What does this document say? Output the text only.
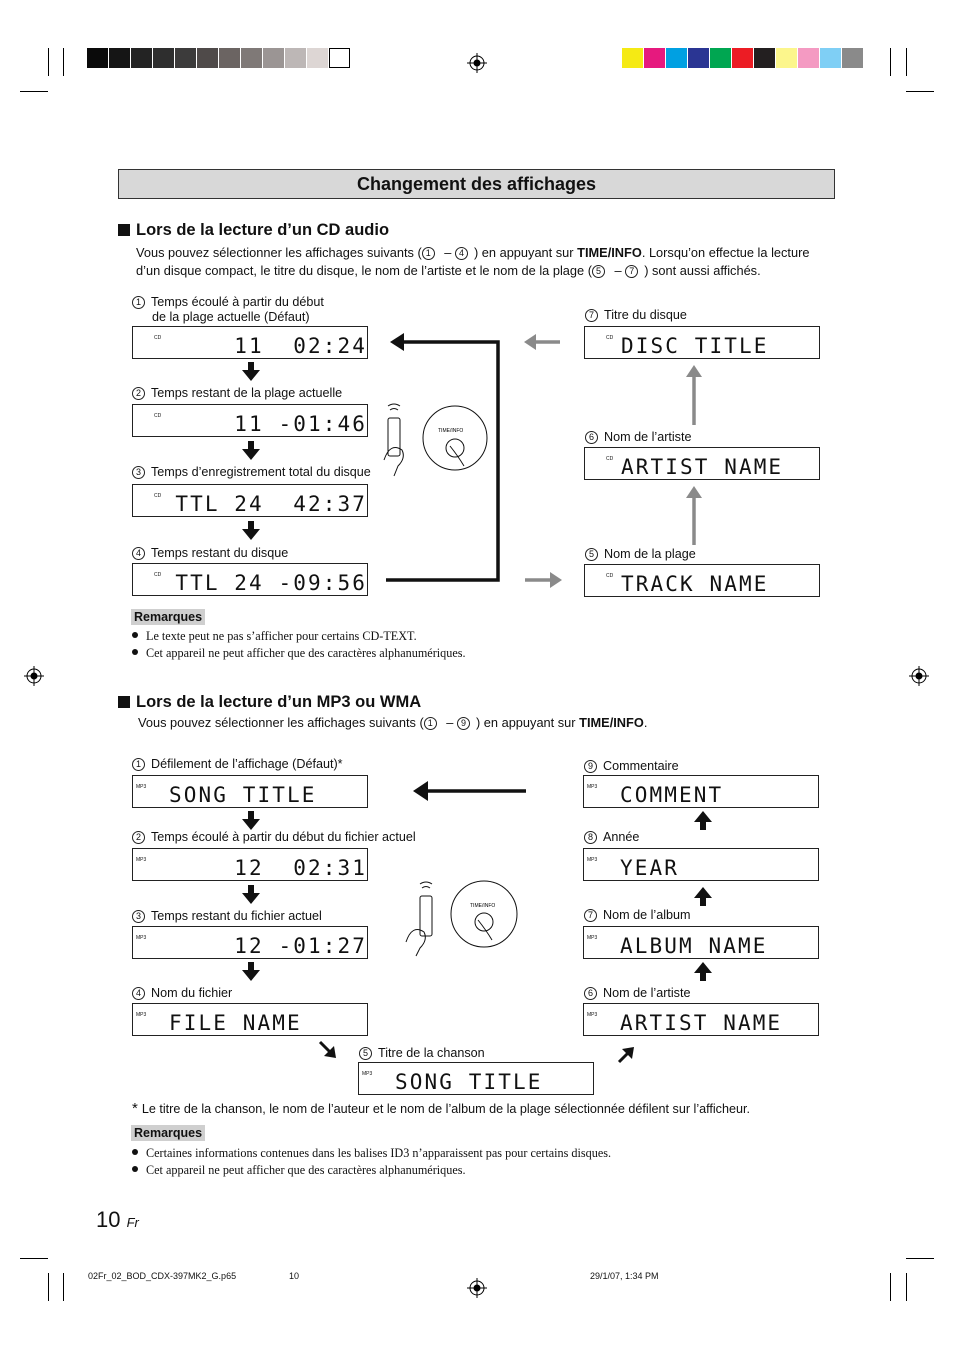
Changement des affichages
Lors de la lecture d’un CD audio
Vous pouvez sélectionner les affichages suivants ( 1 – 4 ) en appuyant sur TIME/INFO. Lorsqu’on effectue la lecture d’un disque compact, le titre du disque, le nom de l’artiste et le nom de la plage ( 5 – 7 ) sont aussi affichés.
1 Temps écoulé à partir du début
de la plage actuelle (Défaut)
2 Temps restant de la plage actuelle
3 Temps d’enregistrement total du disque
4 Temps restant du disque	5 Nom de la plage
6 Nom de l’artiste
7 Titre du disque
CD	11  02:24
CD	11 -01:46
CD TTL 24  42:37
CD TTL 24 -09:56	CD TRACK NAME
CD ARTIST NAME
CD DISC TITLE
TIME/INFO
Remarques
Le texte peut ne pas s’afficher pour certains CD-TEXT.
Cet appareil ne peut afficher que des caractères alphanumériques.
Lors de la lecture d’un MP3 ou WMA
Vous pouvez sélectionner les affichages suivants ( 1 – 9 ) en appuyant sur TIME/INFO.
1 Défilement de l’affichage (Défaut)*
2 Temps écoulé à partir du début du fichier actuel
3 Temps restant du fichier actuel
4 Nom du fichier
5 Titre de la chanson
6 Nom de l’artiste
7 Nom de l’album
8 Année
9 Commentaire
MP3 SONG TITLE
MP3	12  02:31
MP3	12 -01:27
MP3 FILE NAME
MP3 SONG TITLE
MP3 ARTIST NAME
MP3 ALBUM NAME
MP3 YEAR
MP3 COMMENT
TIME/INFO
* Le titre de la chanson, le nom de l’auteur et le nom de l’album de la plage sélectionnée défilent sur l’afficheur.
Remarques
Certaines informations contenues dans les balises ID3 n’apparaissent pas pour certains disques.
Cet appareil ne peut afficher que des caractères alphanumériques.
10 Fr
02Fr_02_BOD_CDX-397MK2_G.p65	10	29/1/07, 1:34 PM
